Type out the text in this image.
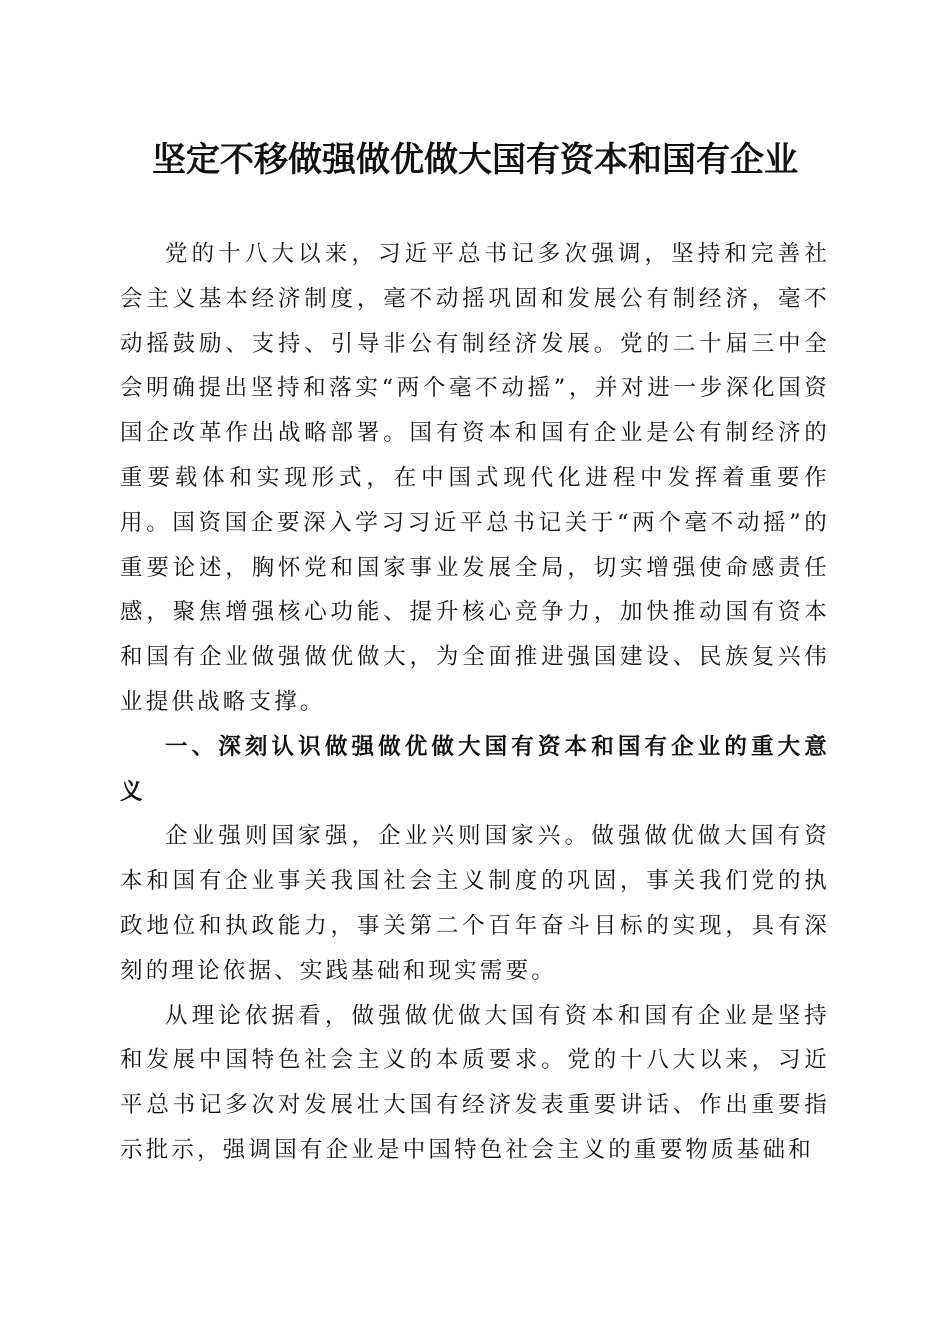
坚定不移做强做优做大国有资本和国有企业

党的十八大以来，习近平总书记多次强调，坚持和完善社会主义基本经济制度，毫不动摇巩固和发展公有制经济，毫不动摇鼓励、支持、引导非公有制经济发展。党的二十届三中全会明确提出坚持和落实“两个毫不动摇”，并对进一步深化国资国企改革作出战略部署。国有资本和国有企业是公有制经济的重要载体和实现形式，在中国式现代化进程中发挥着重要作用。国资国企要深入学习习近平总书记关于“两个毫不动摇”的重要论述，胸怀党和国家事业发展全局，切实增强使命感责任感，聚焦增强核心功能、提升核心竞争力，加快推动国有资本和国有企业做强做优做大，为全面推进强国建设、民族复兴伟业提供战略支撑。

一、深刻认识做强做优做大国有资本和国有企业的重大意义

企业强则国家强，企业兴则国家兴。做强做优做大国有资本和国有企业事关我国社会主义制度的巩固，事关我们党的执政地位和执政能力，事关第二个百年奋斗目标的实现，具有深刻的理论依据、实践基础和现实需要。

从理论依据看，做强做优做大国有资本和国有企业是坚持和发展中国特色社会主义的本质要求。党的十八大以来，习近平总书记多次对发展壮大国有经济发表重要讲话、作出重要指示批示，强调国有企业是中国特色社会主义的重要物质基础和
